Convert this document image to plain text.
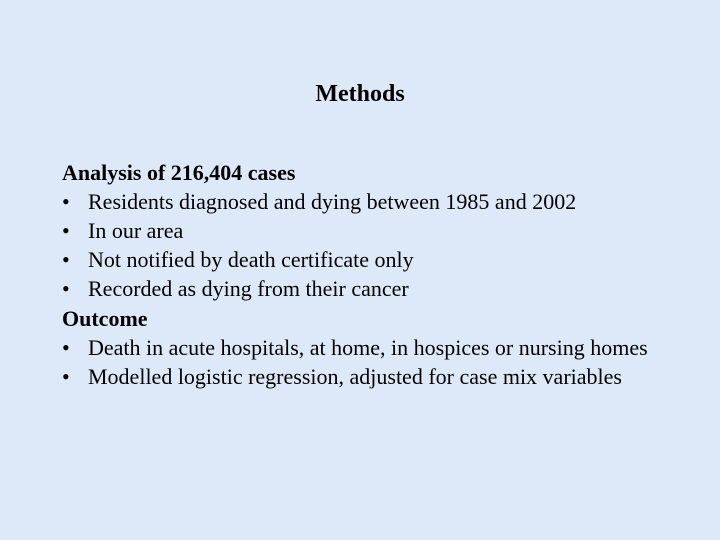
Methods
Analysis of 216,404 cases
• Residents diagnosed and dying between 1985 and 2002
• In our area
• Not notified by death certificate only
• Recorded as dying from their cancer
Outcome
• Death in acute hospitals, at home, in hospices or nursing homes
• Modelled logistic regression, adjusted for case mix variables
